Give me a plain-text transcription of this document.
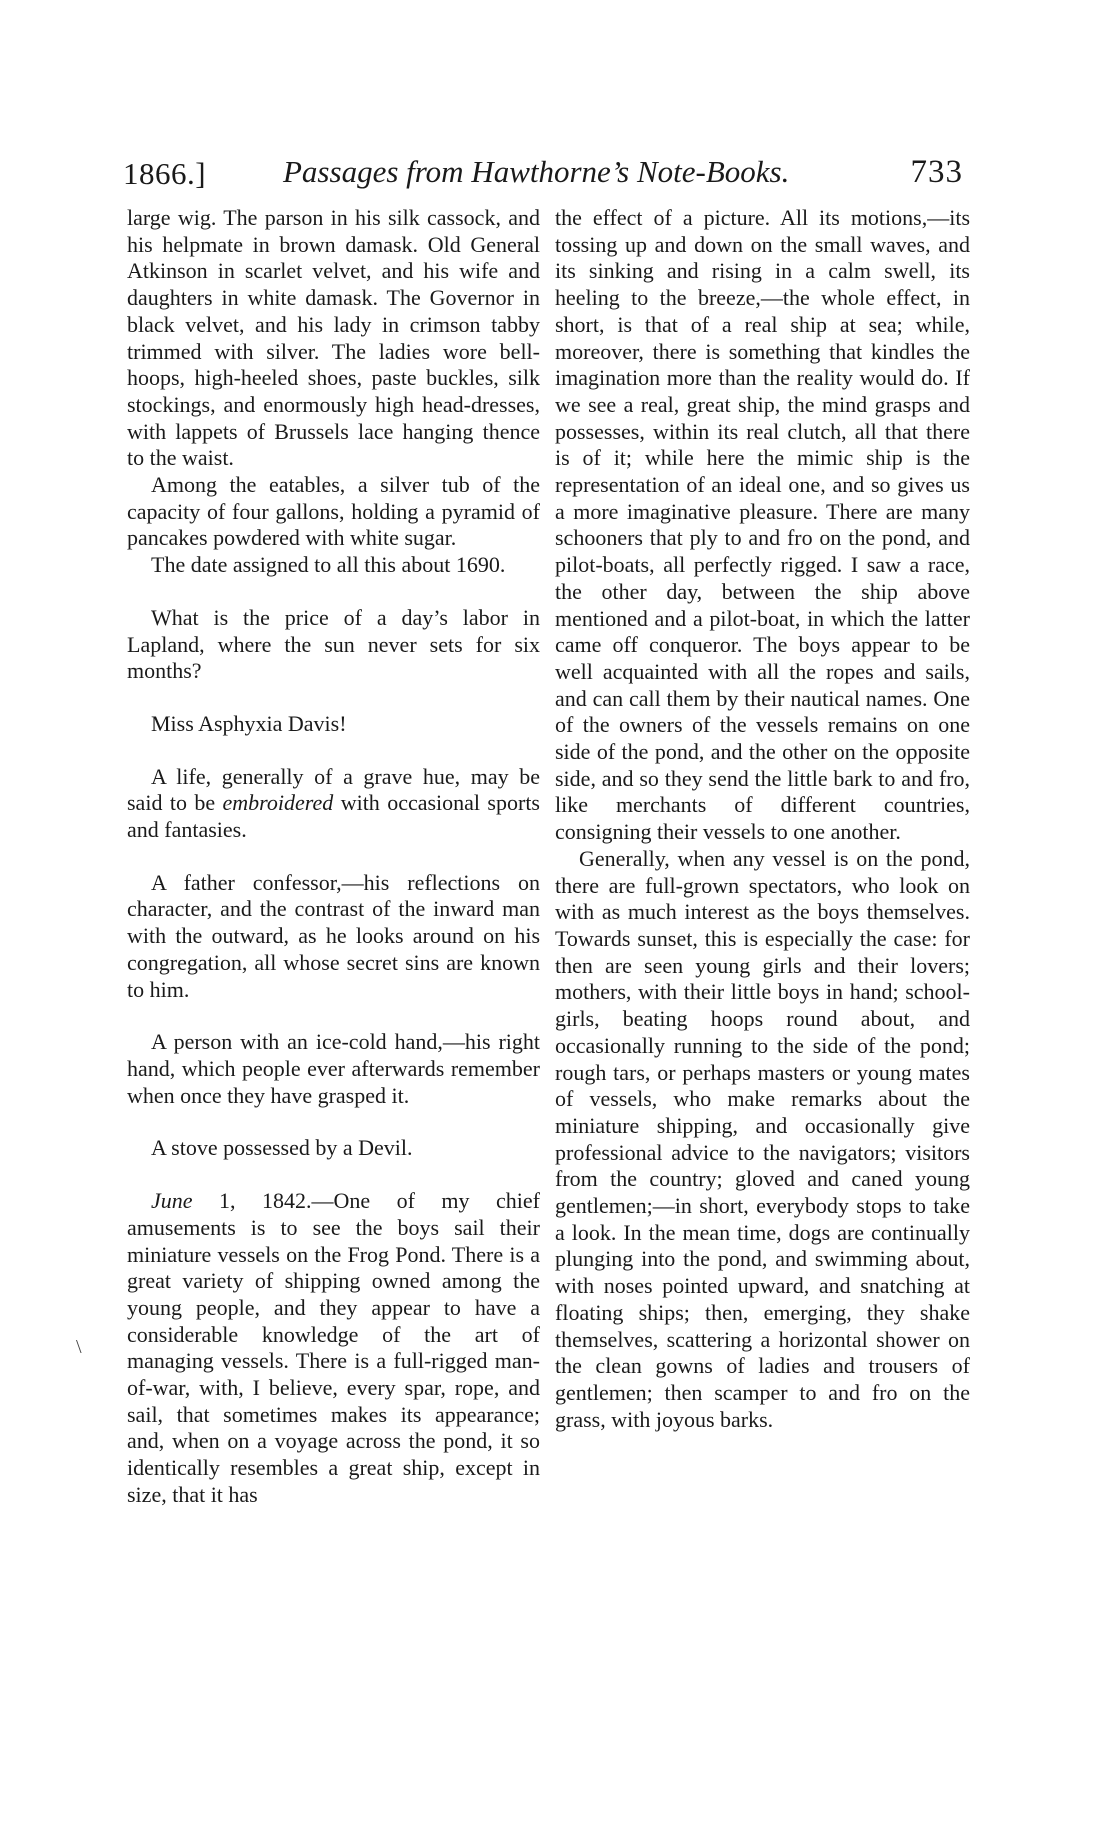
1866.] Passages from Hawthorne’s Note-Books.	733

large wig. The parson in his silk cassock, and his helpmate in brown damask. Old General Atkinson in scarlet velvet, and his wife and daughters in white damask. The Governor in black velvet, and his lady in crimson tabby trimmed with silver. The ladies wore bell-hoops, high-heeled shoes, paste buckles, silk stockings, and enormously high head-dresses, with lappets of Brussels lace hanging thence to the waist.

Among the eatables, a silver tub of the capacity of four gallons, holding a pyramid of pancakes powdered with white sugar.

The date assigned to all this about 1690.

What is the price of a day’s labor in Lapland, where the sun never sets for six months?

Miss Asphyxia Davis!

A life, generally of a grave hue, may be said to be embroidered with occasional sports and fantasies.

A father confessor,—his reflections on character, and the contrast of the inward man with the outward, as he looks around on his congregation, all whose secret sins are known to him.

A person with an ice-cold hand,—his right hand, which people ever afterwards remember when once they have grasped it.

A stove possessed by a Devil.

June 1, 1842.—One of my chief amusements is to see the boys sail their miniature vessels on the Frog Pond. There is a great variety of shipping owned among the young people, and they appear to have a considerable knowledge of the art of managing vessels. There is a full-rigged man-of-war, with, I believe, every spar, rope, and sail, that sometimes makes its appearance; and, when on a voyage across the pond, it so identically resembles a great ship, except in size, that it has

the effect of a picture. All its motions,—its tossing up and down on the small waves, and its sinking and rising in a calm swell, its heeling to the breeze,—the whole effect, in short, is that of a real ship at sea; while, moreover, there is something that kindles the imagination more than the reality would do. If we see a real, great ship, the mind grasps and possesses, within its real clutch, all that there is of it; while here the mimic ship is the representation of an ideal one, and so gives us a more imaginative pleasure. There are many schooners that ply to and fro on the pond, and pilot-boats, all perfectly rigged. I saw a race, the other day, between the ship above mentioned and a pilot-boat, in which the latter came off conqueror. The boys appear to be well acquainted with all the ropes and sails, and can call them by their nautical names. One of the owners of the vessels remains on one side of the pond, and the other on the opposite side, and so they send the little bark to and fro, like merchants of different countries, consigning their vessels to one another.

Generally, when any vessel is on the pond, there are full-grown spectators, who look on with as much interest as the boys themselves. Towards sunset, this is especially the case: for then are seen young girls and their lovers; mothers, with their little boys in hand; school-girls, beating hoops round about, and occasionally running to the side of the pond; rough tars, or perhaps masters or young mates of vessels, who make remarks about the miniature shipping, and occasionally give professional advice to the navigators; visitors from the country; gloved and caned young gentlemen;—in short, everybody stops to take a look. In the mean time, dogs are continually plunging into the pond, and swimming about, with noses pointed upward, and snatching at floating ships; then, emerging, they shake themselves, scattering a horizontal shower on the clean gowns of ladies and trousers of gentlemen; then scamper to and fro on the grass, with joyous barks.

\
